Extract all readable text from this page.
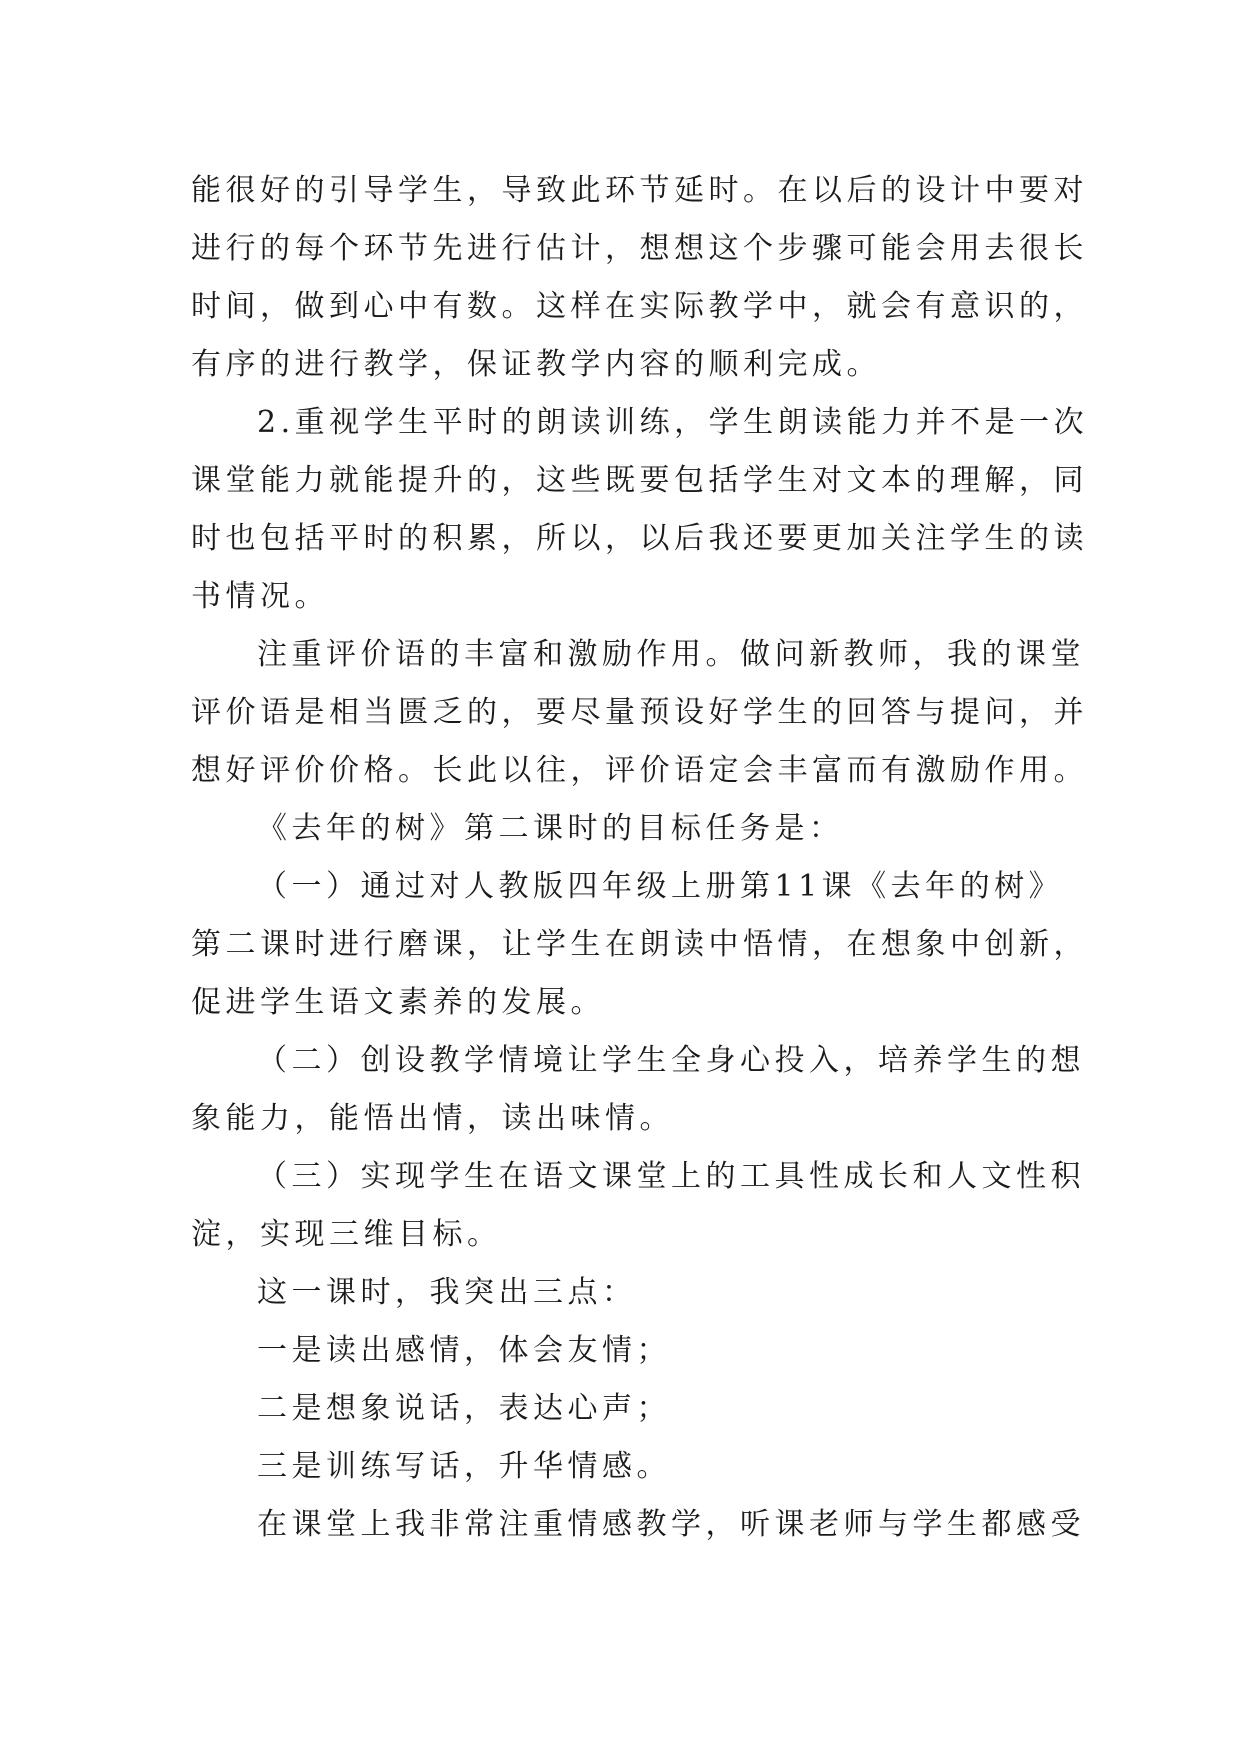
能很好的引导学生，导致此环节延时。在以后的设计中要对
进行的每个环节先进行估计，想想这个步骤可能会用去很长
时间，做到心中有数。这样在实际教学中，就会有意识的，
有序的进行教学，保证教学内容的顺利完成。
2.重视学生平时的朗读训练，学生朗读能力并不是一次
课堂能力就能提升的，这些既要包括学生对文本的理解，同
时也包括平时的积累，所以，以后我还要更加关注学生的读
书情况。
注重评价语的丰富和激励作用。做问新教师，我的课堂
评价语是相当匮乏的，要尽量预设好学生的回答与提问，并
想好评价价格。长此以往，评价语定会丰富而有激励作用。
《去年的树》第二课时的目标任务是：
（一）通过对人教版四年级上册第11课《去年的树》
第二课时进行磨课，让学生在朗读中悟情，在想象中创新，
促进学生语文素养的发展。
（二）创设教学情境让学生全身心投入，培养学生的想
象能力，能悟出情，读出味情。
（三）实现学生在语文课堂上的工具性成长和人文性积
淀，实现三维目标。
这一课时，我突出三点：
一是读出感情，体会友情；
二是想象说话，表达心声；
三是训练写话，升华情感。
在课堂上我非常注重情感教学，听课老师与学生都感受
